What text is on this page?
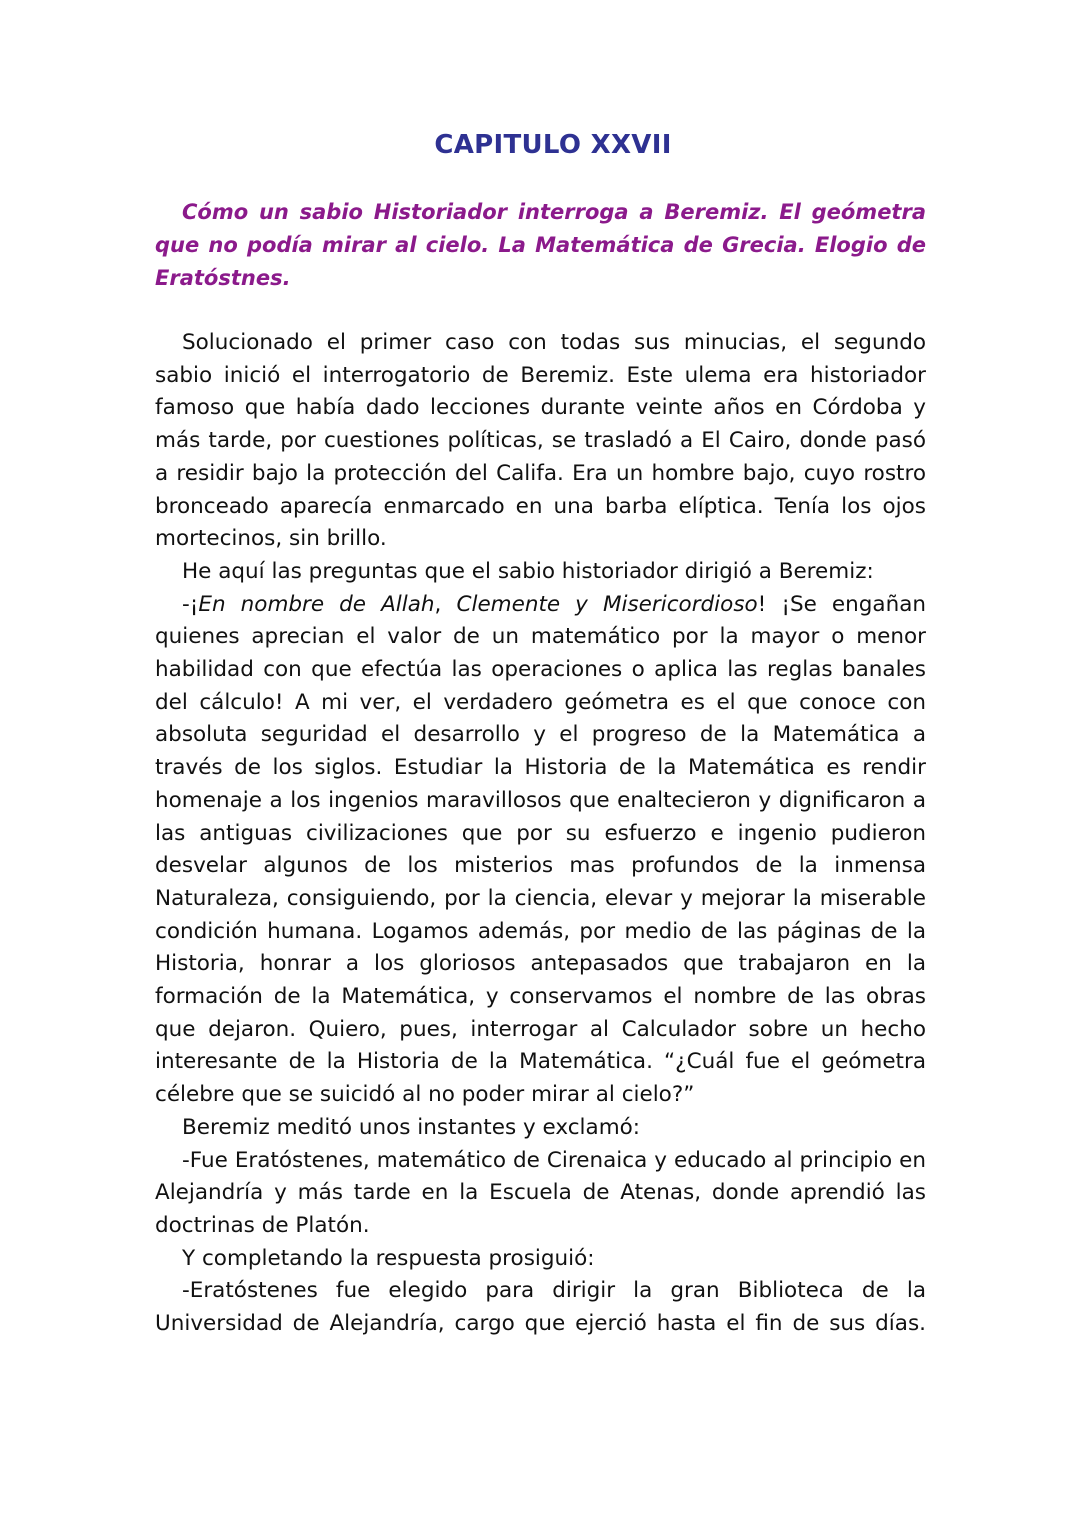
CAPITULO XXVII

Cómo un sabio Historiador interroga a Beremiz. El geómetra que no podía mirar al cielo. La Matemática de Grecia. Elogio de Eratóstnes.

Solucionado el primer caso con todas sus minucias, el segundo sabio inició el interrogatorio de Beremiz. Este ulema era historiador famoso que había dado lecciones durante veinte años en Córdoba y más tarde, por cuestiones políticas, se trasladó a El Cairo, donde pasó a residir bajo la protección del Califa. Era un hombre bajo, cuyo rostro bronceado aparecía enmarcado en una barba elíptica. Tenía los ojos mortecinos, sin brillo.

He aquí las preguntas que el sabio historiador dirigió a Beremiz:

-¡En nombre de Allah, Clemente y Misericordioso! ¡Se engañan quienes aprecian el valor de un matemático por la mayor o menor habilidad con que efectúa las operaciones o aplica las reglas banales del cálculo! A mi ver, el verdadero geómetra es el que conoce con absoluta seguridad el desarrollo y el progreso de la Matemática a través de los siglos. Estudiar la Historia de la Matemática es rendir homenaje a los ingenios maravillosos que enaltecieron y dignificaron a las antiguas civilizaciones que por su esfuerzo e ingenio pudieron desvelar algunos de los misterios mas profundos de la inmensa Naturaleza, consiguiendo, por la ciencia, elevar y mejorar la miserable condición humana. Logamos además, por medio de las páginas de la Historia, honrar a los gloriosos antepasados que trabajaron en la formación de la Matemática, y conservamos el nombre de las obras que dejaron. Quiero, pues, interrogar al Calculador sobre un hecho interesante de la Historia de la Matemática. “¿Cuál fue el geómetra célebre que se suicidó al no poder mirar al cielo?”

Beremiz meditó unos instantes y exclamó:

-Fue Eratóstenes, matemático de Cirenaica y educado al principio en Alejandría y más tarde en la Escuela de Atenas, donde aprendió las doctrinas de Platón.

Y completando la respuesta prosiguió:

-Eratóstenes fue elegido para dirigir la gran Biblioteca de la Universidad de Alejandría, cargo que ejerció hasta el fin de sus días.
